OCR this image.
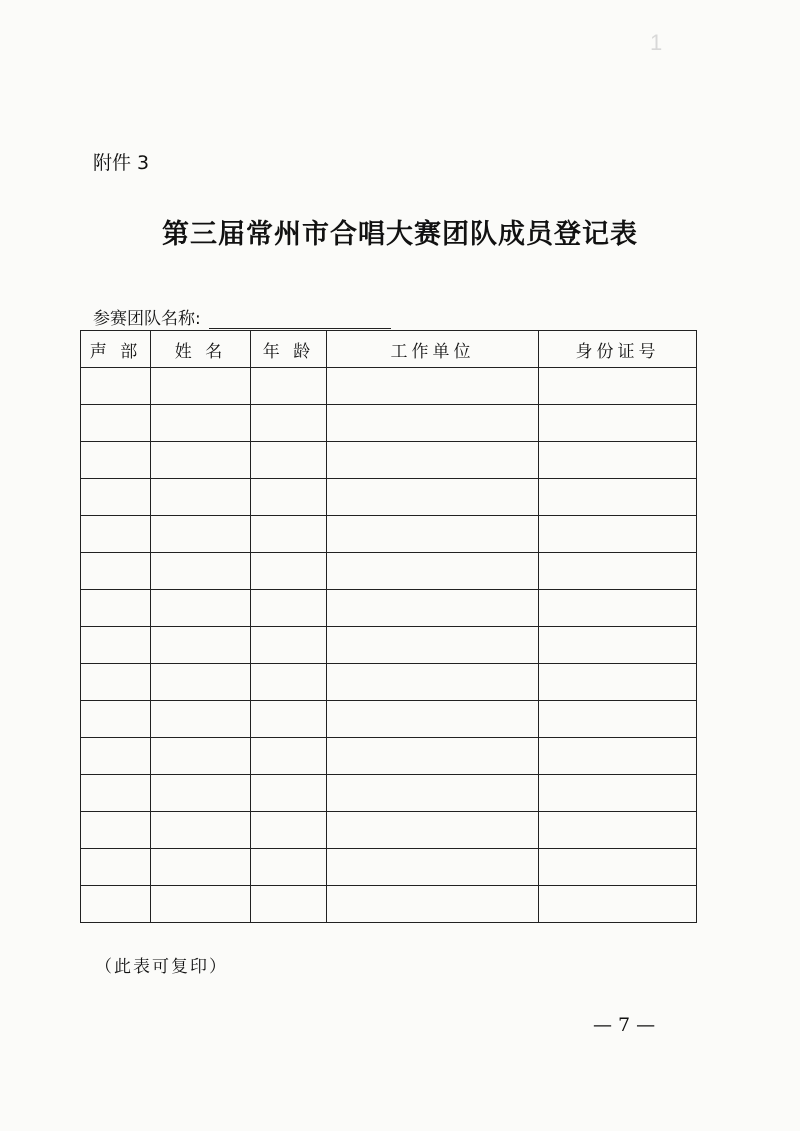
1
附件 3
第三届常州市合唱大赛团队成员登记表
参赛团队名称:
声 部	姓 名	年 龄	工作单位	身份证号

（此表可复印）
— 7 —
